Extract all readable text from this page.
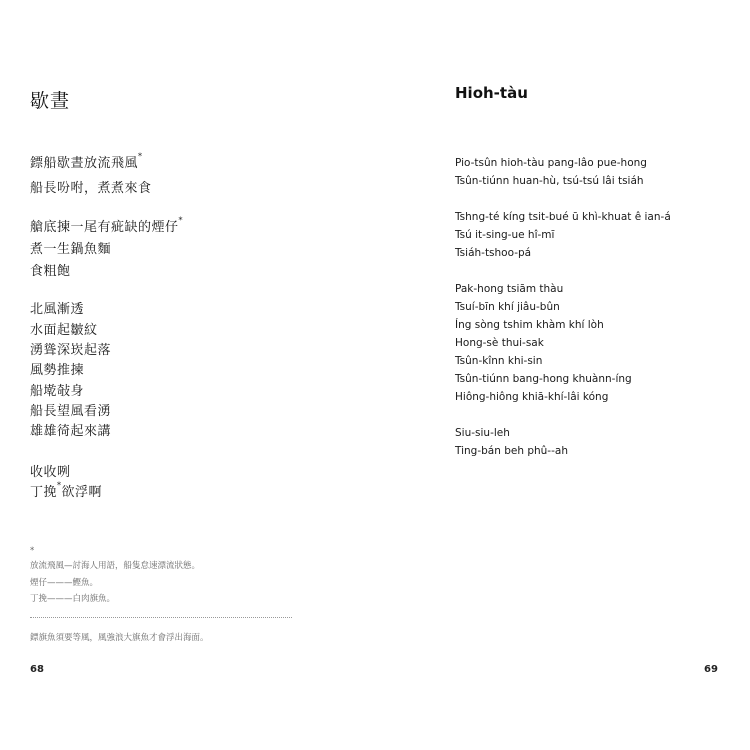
歇晝
鏢船歇晝放流飛風*
船長吩咐，煮煮來食
艙底揀一尾有疵缺的煙仔*
煮一生鍋魚麵
食粗飽
北風漸透
水面起皺紋
湧聳深崁起落
風勢推揀
船墘敧身
船長望風看湧
雄雄徛起來講
收收咧
丁挽*欲浮啊
*
放流飛風—討海人用語，船隻怠速漂流狀態。
煙仔———鰹魚。
丁挽———白肉旗魚。
鏢旗魚須要等風，風強浪大旗魚才會浮出海面。
68
Hioh-tàu
Pio-tsûn hioh-tàu pang-lâo pue-hong
Tsûn-tiúnn huan-hù, tsú-tsú lâi tsiáh
Tshng-té kíng tsit-bué ū khì-khuat ê ian-á
Tsú it-sing-ue hî-mī
Tsiáh-tshoo-pá
Pak-hong tsiām thàu
Tsuí-bīn khí jiâu-bûn
Íng sòng tshim khàm khí lòh
Hong-sè thui-sak
Tsûn-kînn khi-sin
Tsûn-tiúnn bang-hong khuànn-íng
Hiông-hiông khiā-khí-lâi kóng
Siu-siu-leh
Ting-bán beh phû--ah
69
